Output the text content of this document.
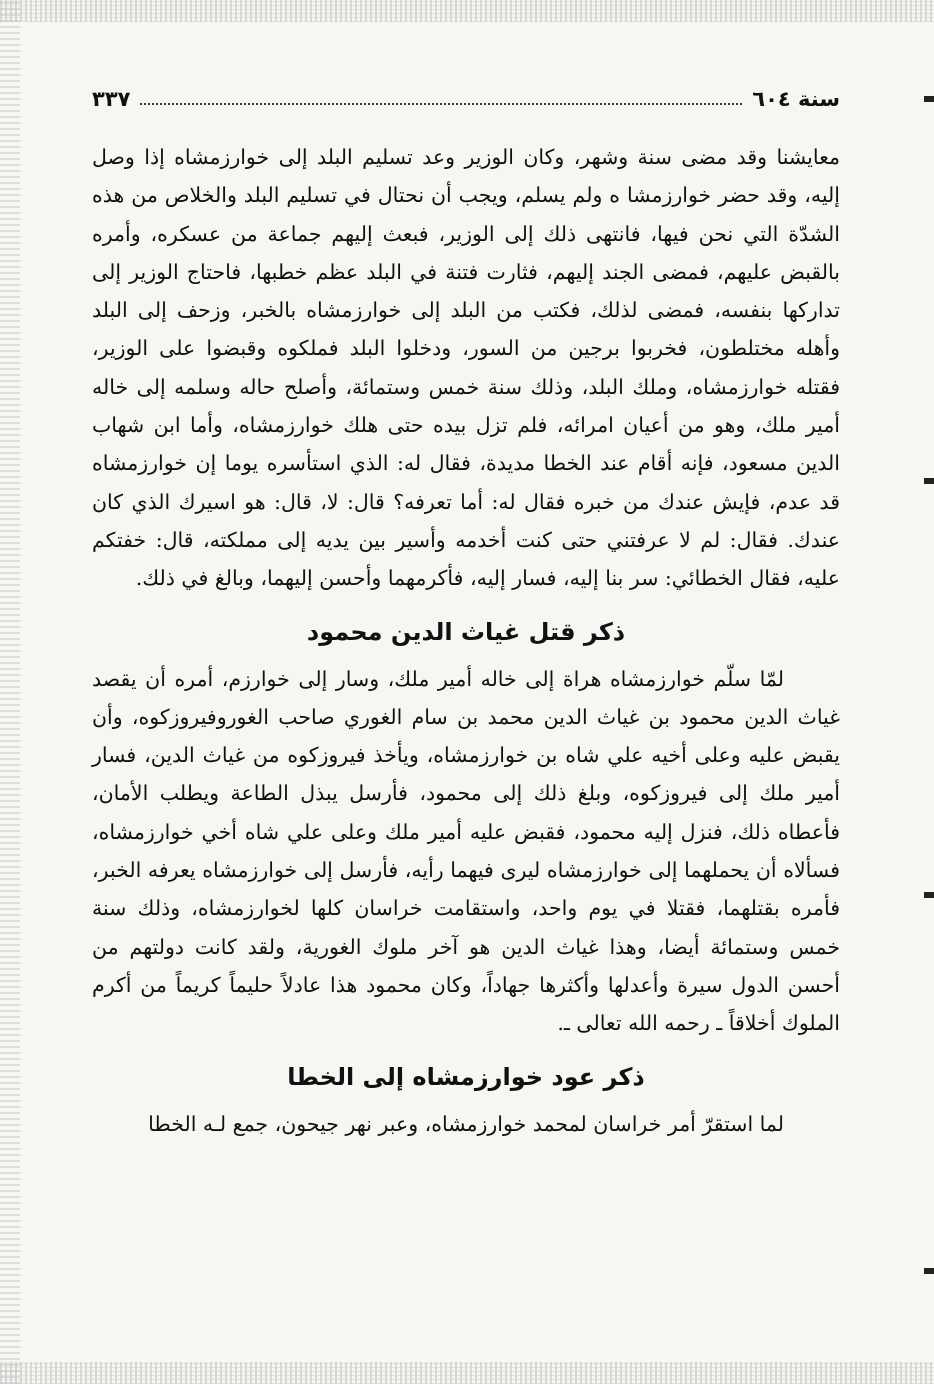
سنة ٦٠٤
٣٣٧

معايشنا وقد مضى سنة وشهر، وكان الوزير وعد تسليم البلد إلى خوارزمشاه إذا وصل إليه، وقد حضر خوارزمشا ه ولم يسلم، ويجب أن نحتال في تسليم البلد والخلاص من هذه الشدّة التي نحن فيها، فانتهى ذلك إلى الوزير، فبعث إليهم جماعة من عسكره، وأمره بالقبض عليهم، فمضى الجند إليهم، فثارت فتنة في البلد عظم خطبها، فاحتاج الوزير إلى تداركها بنفسه، فمضى لذلك، فكتب من البلد إلى خوارزمشاه بالخبر، وزحف إلى البلد وأهله مختلطون، فخربوا برجين من السور، ودخلوا البلد فملكوه وقبضوا على الوزير، فقتله خوارزمشاه، وملك البلد، وذلك سنة خمس وستمائة، وأصلح حاله وسلمه إلى خاله أمير ملك، وهو من أعيان امرائه، فلم تزل بيده حتى هلك خوارزمشاه، وأما ابن شهاب الدين مسعود، فإنه أقام عند الخطا مديدة، فقال له: الذي استأسره يوما إن خوارزمشاه قد عدم، فإيش عندك من خبره فقال له: أما تعرفه؟ قال: لا، قال: هو اسيرك الذي كان عندك. فقال: لم لا عرفتني حتى كنت أخدمه وأسير بين يديه إلى مملكته، قال: خفتكم عليه، فقال الخطائي: سر بنا إليه، فسار إليه، فأكرمهما وأحسن إليهما، وبالغ في ذلك.

ذكر قتل غياث الدين محمود

لمّا سلّم خوارزمشاه هراة إلى خاله أمير ملك، وسار إلى خوارزم، أمره أن يقصد غياث الدين محمود بن غياث الدين محمد بن سام الغوري صاحب الغوروفيروزكوه، وأن يقبض عليه وعلى أخيه علي شاه بن خوارزمشاه، ويأخذ فيروزكوه من غياث الدين، فسار أمير ملك إلى فيروزكوه، وبلغ ذلك إلى محمود، فأرسل يبذل الطاعة ويطلب الأمان، فأعطاه ذلك، فنزل إليه محمود، فقبض عليه أمير ملك وعلى علي شاه أخي خوارزمشاه، فسألاه أن يحملهما إلى خوارزمشاه ليرى فيهما رأيه، فأرسل إلى خوارزمشاه يعرفه الخبر، فأمره بقتلهما، فقتلا في يوم واحد، واستقامت خراسان كلها لخوارزمشاه، وذلك سنة خمس وستمائة أيضا، وهذا غياث الدين هو آخر ملوك الغورية، ولقد كانت دولتهم من أحسن الدول سيرة وأعدلها وأكثرها جهاداً، وكان محمود هذا عادلاً حليماً كريماً من أكرم الملوك أخلاقاً ـ رحمه الله تعالى ـ.

ذكر عود خوارزمشاه إلى الخطا

لما استقرّ أمر خراسان لمحمد خوارزمشاه، وعبر نهر جيحون، جمع لـه الخطا
